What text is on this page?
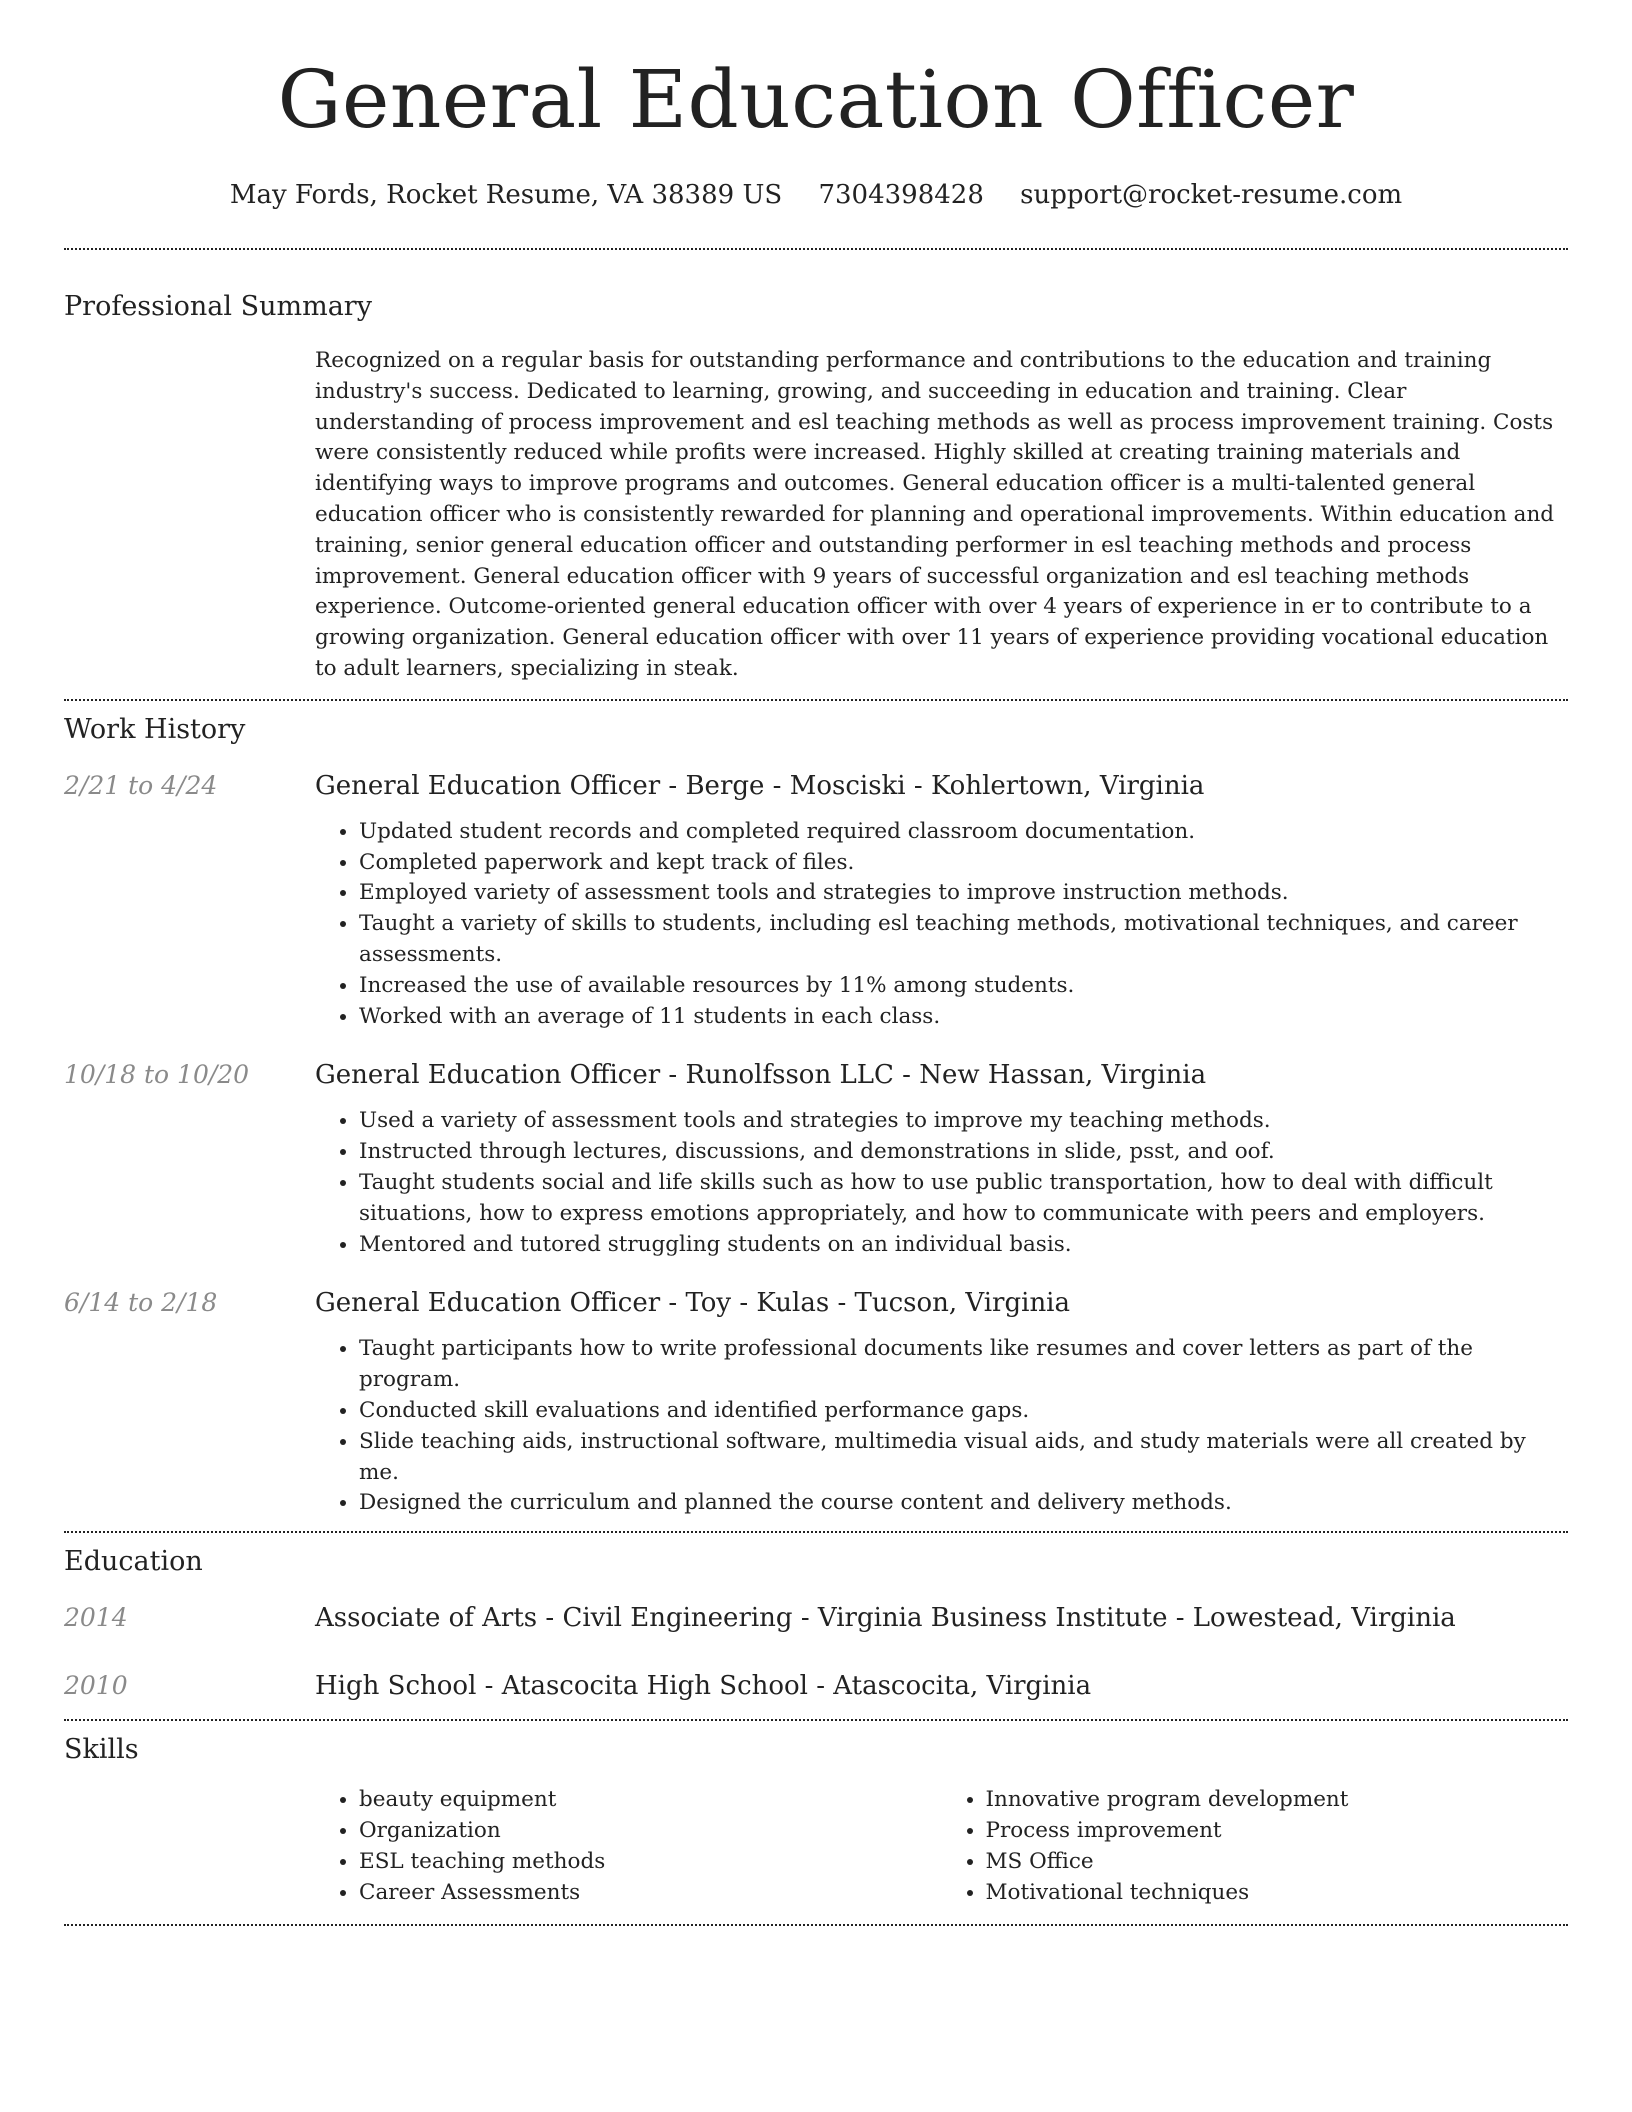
General Education Officer
May Fords, Rocket Resume, VA 38389 US 7304398428 support@rocket-resume.com
Professional Summary

Recognized on a regular basis for outstanding performance and contributions to the education and training industry's success. Dedicated to learning, growing, and succeeding in education and training. Clear understanding of process improvement and esl teaching methods as well as process improvement training. Costs were consistently reduced while profits were increased. Highly skilled at creating training materials and identifying ways to improve programs and outcomes. General education officer is a multi-talented general education officer who is consistently rewarded for planning and operational improvements. Within education and training, senior general education officer and outstanding performer in esl teaching methods and process improvement. General education officer with 9 years of successful organization and esl teaching methods experience. Outcome-oriented general education officer with over 4 years of experience in er to contribute to a growing organization. General education officer with over 11 years of experience providing vocational education to adult learners, specializing in steak.

Work History
2/21 to 4/24	General Education Officer - Berge - Mosciski - Kohlertown, Virginia
• Updated student records and completed required classroom documentation.
• Completed paperwork and kept track of files.
• Employed variety of assessment tools and strategies to improve instruction methods.
• Taught a variety of skills to students, including esl teaching methods, motivational techniques, and career assessments.
• Increased the use of available resources by 11% among students.
• Worked with an average of 11 students in each class.
10/18 to 10/20	General Education Officer - Runolfsson LLC - New Hassan, Virginia
• Used a variety of assessment tools and strategies to improve my teaching methods.
• Instructed through lectures, discussions, and demonstrations in slide, psst, and oof.
• Taught students social and life skills such as how to use public transportation, how to deal with difficult situations, how to express emotions appropriately, and how to communicate with peers and employers.
• Mentored and tutored struggling students on an individual basis.
6/14 to 2/18	General Education Officer - Toy - Kulas - Tucson, Virginia
• Taught participants how to write professional documents like resumes and cover letters as part of the program.
• Conducted skill evaluations and identified performance gaps.
• Slide teaching aids, instructional software, multimedia visual aids, and study materials were all created by me.
• Designed the curriculum and planned the course content and delivery methods.
Education
2014	Associate of Arts - Civil Engineering - Virginia Business Institute - Lowestead, Virginia
2010	High School - Atascocita High School - Atascocita, Virginia
Skills
• beauty equipment
• Organization
• ESL teaching methods
• Career Assessments
• Innovative program development
• Process improvement
• MS Office
• Motivational techniques
